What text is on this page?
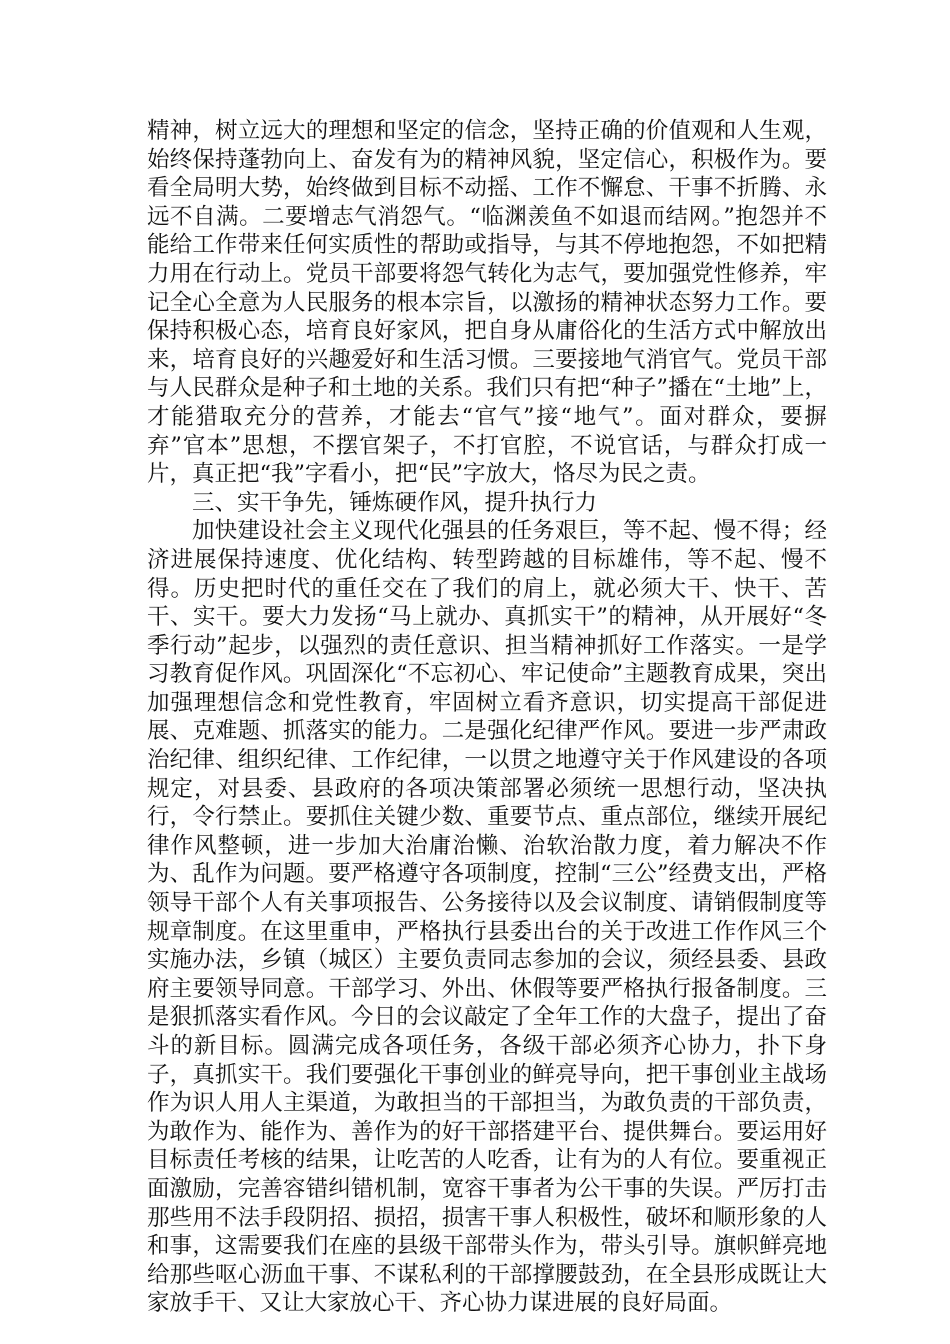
精神，树立远大的理想和坚定的信念，坚持正确的价值观和人生观，始终保持蓬勃向上、奋发有为的精神风貌，坚定信心，积极作为。要看全局明大势，始终做到目标不动摇、工作不懈怠、干事不折腾、永远不自满。二要增志气消怨气。“临渊羡鱼不如退而结网。”抱怨并不能给工作带来任何实质性的帮助或指导，与其不停地抱怨，不如把精力用在行动上。党员干部要将怨气转化为志气，要加强党性修养，牢记全心全意为人民服务的根本宗旨，以激扬的精神状态努力工作。要保持积极心态，培育良好家风，把自身从庸俗化的生活方式中解放出来，培育良好的兴趣爱好和生活习惯。三要接地气消官气。党员干部与人民群众是种子和土地的关系。我们只有把“种子”播在“土地”上，才能猎取充分的营养，才能去“官气”接“地气”。面对群众，要摒弃”官本”思想，不摆官架子，不打官腔，不说官话，与群众打成一片，真正把“我”字看小，把“民”字放大，恪尽为民之责。

三、实干争先，锤炼硬作风，提升执行力

加快建设社会主义现代化强县的任务艰巨，等不起、慢不得；经济进展保持速度、优化结构、转型跨越的目标雄伟，等不起、慢不得。历史把时代的重任交在了我们的肩上，就必须大干、快干、苦干、实干。要大力发扬“马上就办、真抓实干”的精神，从开展好“冬季行动”起步，以强烈的责任意识、担当精神抓好工作落实。一是学习教育促作风。巩固深化“不忘初心、牢记使命”主题教育成果，突出加强理想信念和党性教育，牢固树立看齐意识，切实提高干部促进展、克难题、抓落实的能力。二是强化纪律严作风。要进一步严肃政治纪律、组织纪律、工作纪律，一以贯之地遵守关于作风建设的各项规定，对县委、县政府的各项决策部署必须统一思想行动，坚决执行，令行禁止。要抓住关键少数、重要节点、重点部位，继续开展纪律作风整顿，进一步加大治庸治懒、治软治散力度，着力解决不作为、乱作为问题。要严格遵守各项制度，控制“三公”经费支出，严格领导干部个人有关事项报告、公务接待以及会议制度、请销假制度等规章制度。在这里重申，严格执行县委出台的关于改进工作作风三个实施办法，乡镇（城区）主要负责同志参加的会议，须经县委、县政府主要领导同意。干部学习、外出、休假等要严格执行报备制度。三是狠抓落实看作风。今日的会议敲定了全年工作的大盘子，提出了奋斗的新目标。圆满完成各项任务，各级干部必须齐心协力，扑下身子，真抓实干。我们要强化干事创业的鲜亮导向，把干事创业主战场作为识人用人主渠道，为敢担当的干部担当，为敢负责的干部负责，为敢作为、能作为、善作为的好干部搭建平台、提供舞台。要运用好目标责任考核的结果，让吃苦的人吃香，让有为的人有位。要重视正面激励，完善容错纠错机制，宽容干事者为公干事的失误。严厉打击那些用不法手段阴招、损招，损害干事人积极性，破坏和顺形象的人和事，这需要我们在座的县级干部带头作为，带头引导。旗帜鲜亮地给那些呕心沥血干事、不谋私利的干部撑腰鼓劲，在全县形成既让大家放手干、又让大家放心干、齐心协力谋进展的良好局面。
